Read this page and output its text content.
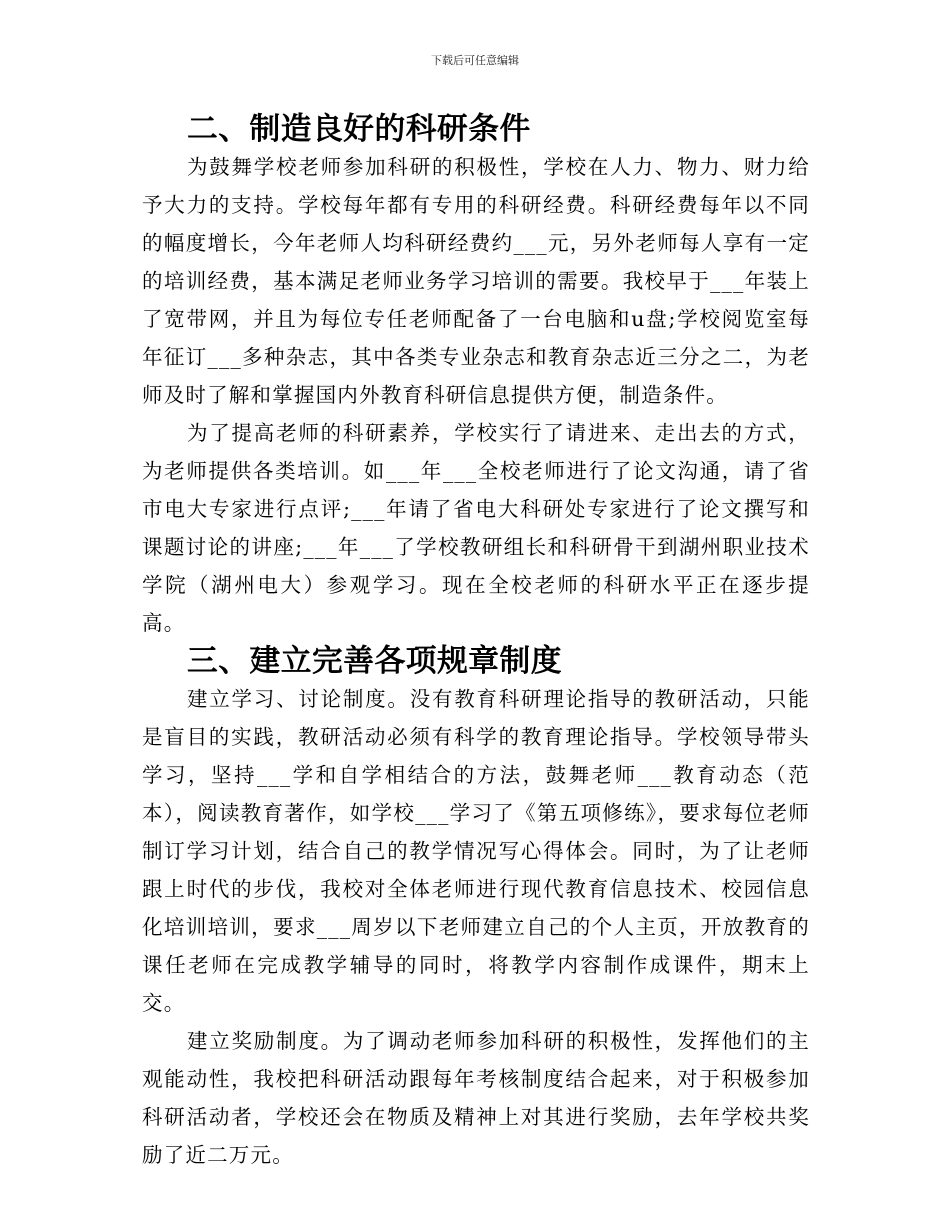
下载后可任意编辑
二、制造良好的科研条件

为鼓舞学校老师参加科研的积极性，学校在人力、物力、财力给予大力的支持。学校每年都有专用的科研经费。科研经费每年以不同的幅度增长，今年老师人均科研经费约___元，另外老师每人享有一定的培训经费，基本满足老师业务学习培训的需要。我校早于___年装上了宽带网，并且为每位专任老师配备了一台电脑和u盘;学校阅览室每年征订___多种杂志，其中各类专业杂志和教育杂志近三分之二，为老师及时了解和掌握国内外教育科研信息提供方便，制造条件。

为了提高老师的科研素养，学校实行了请进来、走出去的方式，为老师提供各类培训。如___年___全校老师进行了论文沟通，请了省市电大专家进行点评;___年请了省电大科研处专家进行了论文撰写和课题讨论的讲座;___年___了学校教研组长和科研骨干到湖州职业技术学院（湖州电大）参观学习。现在全校老师的科研水平正在逐步提高。

三、建立完善各项规章制度

建立学习、讨论制度。没有教育科研理论指导的教研活动，只能是盲目的实践，教研活动必须有科学的教育理论指导。学校领导带头学习，坚持___学和自学相结合的方法，鼓舞老师___教育动态（范本），阅读教育著作，如学校___学习了《第五项修练》，要求每位老师制订学习计划，结合自己的教学情况写心得体会。同时，为了让老师跟上时代的步伐，我校对全体老师进行现代教育信息技术、校园信息化培训培训，要求___周岁以下老师建立自己的个人主页，开放教育的课任老师在完成教学辅导的同时，将教学内容制作成课件，期末上交。

建立奖励制度。为了调动老师参加科研的积极性，发挥他们的主观能动性，我校把科研活动跟每年考核制度结合起来，对于积极参加科研活动者，学校还会在物质及精神上对其进行奖励，去年学校共奖励了近二万元。
